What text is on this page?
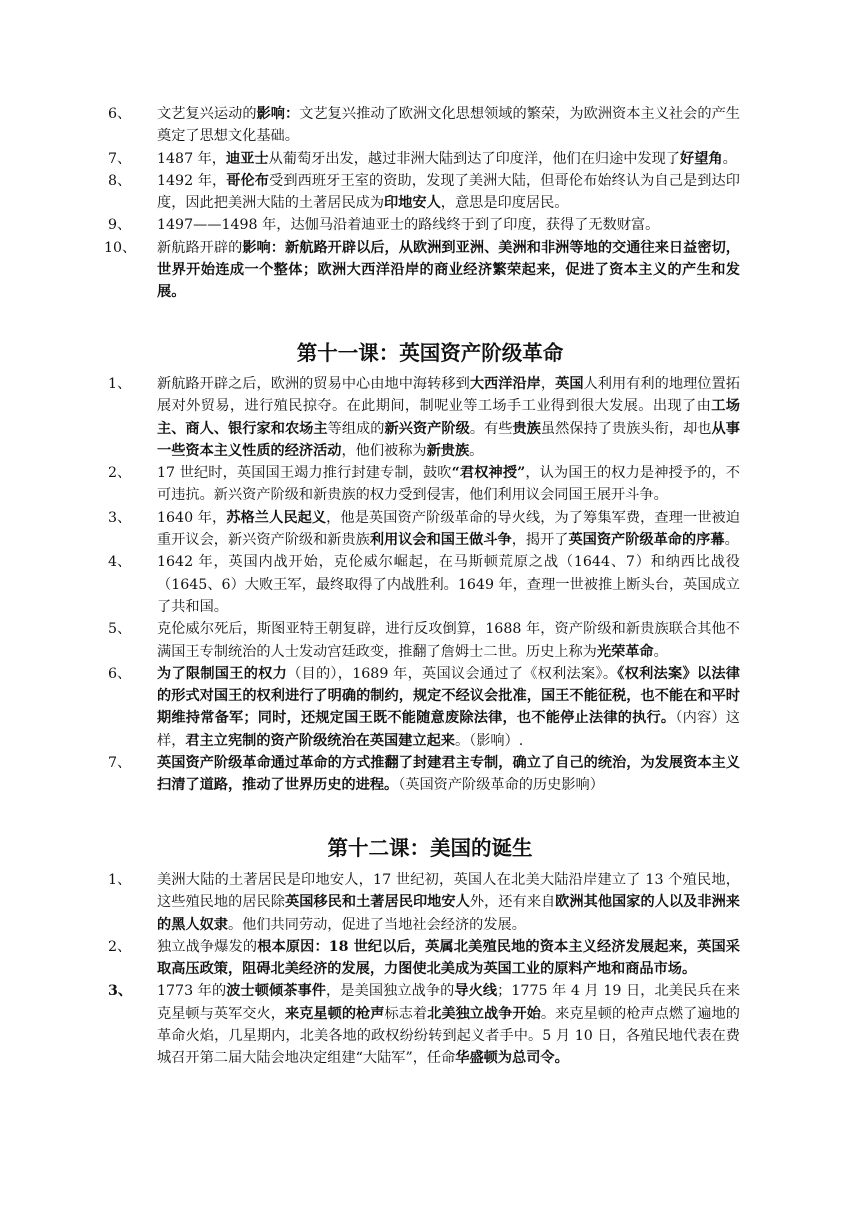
6、	文艺复兴运动的影响：文艺复兴推动了欧洲文化思想领域的繁荣，为欧洲资本主义社会的产生奠定了思想文化基础。

7、	1487 年，迪亚士从葡萄牙出发，越过非洲大陆到达了印度洋，他们在归途中发现了好望角。

8、	1492 年，哥伦布受到西班牙王室的资助，发现了美洲大陆，但哥伦布始终认为自己是到达印度，因此把美洲大陆的土著居民成为印地安人，意思是印度居民。

9、	1497——1498 年，达伽马沿着迪亚士的路线终于到了印度，获得了无数财富。

10、	新航路开辟的影响：新航路开辟以后，从欧洲到亚洲、美洲和非洲等地的交通往来日益密切，世界开始连成一个整体；欧洲大西洋沿岸的商业经济繁荣起来，促进了资本主义的产生和发展。

第十一课：英国资产阶级革命

1、	新航路开辟之后，欧洲的贸易中心由地中海转移到大西洋沿岸，英国人利用有利的地理位置拓展对外贸易，进行殖民掠夺。在此期间，制呢业等工场手工业得到很大发展。出现了由工场主、商人、银行家和农场主等组成的新兴资产阶级。有些贵族虽然保持了贵族头衔，却也从事一些资本主义性质的经济活动，他们被称为新贵族。

2、	17 世纪时，英国国王竭力推行封建专制，鼓吹“君权神授”，认为国王的权力是神授予的，不可违抗。新兴资产阶级和新贵族的权力受到侵害，他们利用议会同国王展开斗争。

3、	1640 年，苏格兰人民起义，他是英国资产阶级革命的导火线，为了筹集军费，查理一世被迫重开议会，新兴资产阶级和新贵族利用议会和国王做斗争，揭开了英国资产阶级革命的序幕。

4、	1642 年，英国内战开始，克伦威尔崛起，在马斯顿荒原之战（1644、7）和纳西比战役（1645、6）大败王军，最终取得了内战胜利。1649 年，查理一世被推上断头台，英国成立了共和国。

5、	克伦威尔死后，斯图亚特王朝复辟，进行反攻倒算，1688 年，资产阶级和新贵族联合其他不满国王专制统治的人士发动宫廷政变，推翻了詹姆士二世。历史上称为光荣革命。

6、	为了限制国王的权力（目的），1689 年，英国议会通过了《权利法案》。《权利法案》以法律的形式对国王的权利进行了明确的制约，规定不经议会批准，国王不能征税，也不能在和平时期维持常备军；同时，还规定国王既不能随意废除法律，也不能停止法律的执行。（内容）这样，君主立宪制的资产阶级统治在英国建立起来。（影响）.

7、	英国资产阶级革命通过革命的方式推翻了封建君主专制，确立了自己的统治，为发展资本主义扫清了道路，推动了世界历史的进程。（英国资产阶级革命的历史影响）

第十二课：美国的诞生

1、	美洲大陆的土著居民是印地安人，17 世纪初，英国人在北美大陆沿岸建立了 13 个殖民地，这些殖民地的居民除英国移民和土著居民印地安人外，还有来自欧洲其他国家的人以及非洲来的黑人奴隶。他们共同劳动，促进了当地社会经济的发展。

2、	独立战争爆发的根本原因：18 世纪以后，英属北美殖民地的资本主义经济发展起来，英国采取高压政策，阻碍北美经济的发展，力图使北美成为英国工业的原料产地和商品市场。

3、	1773 年的波士顿倾茶事件，是美国独立战争的导火线；1775 年 4 月 19 日，北美民兵在来克星顿与英军交火，来克星顿的枪声标志着北美独立战争开始。来克星顿的枪声点燃了遍地的革命火焰，几星期内，北美各地的政权纷纷转到起义者手中。5 月 10 日，各殖民地代表在费城召开第二届大陆会地决定组建“大陆军”，任命华盛顿为总司令。
